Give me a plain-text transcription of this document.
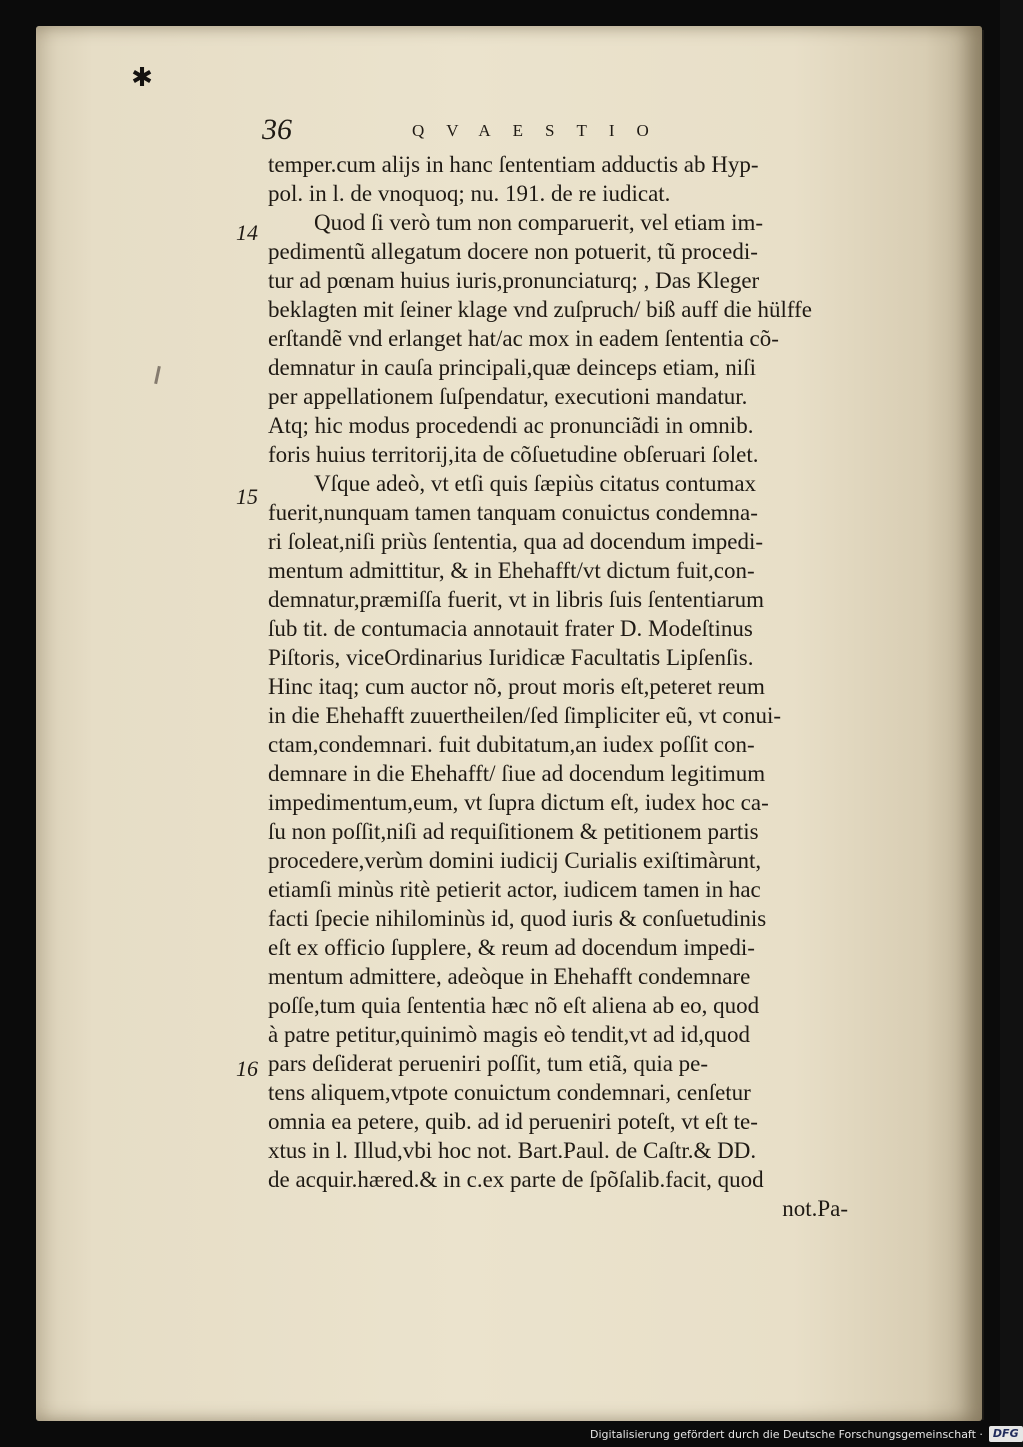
✱
36	QVAESTIO
14
15
16
temper.cum alijs in hanc ſententiam adductis ab Hyp-
pol. in l. de vnoquoq; nu. 191. de re iudicat.
Quod ſi verò tum non comparuerit, vel etiam im-
pedimentũ allegatum docere non potuerit, tũ procedi-
tur ad pœnam huius iuris,pronunciaturq; , Das Kleger
beklagten mit ſeiner klage vnd zuſpruch/ biß auff die hülffe
erſtandẽ vnd erlanget hat/ac mox in eadem ſententia cõ-
demnatur in cauſa principali,quæ deinceps etiam, niſi
per appellationem ſuſpendatur, executioni mandatur.
Atq; hic modus procedendi ac pronunciãdi in omnib.
foris huius territorij,ita de cõſuetudine obſeruari ſolet.
Vſque adeò, vt etſi quis ſæpiùs citatus contumax
fuerit,nunquam tamen tanquam conuictus condemna-
ri ſoleat,niſi priùs ſententia, qua ad docendum impedi-
mentum admittitur, & in Ehehafft/vt dictum fuit,con-
demnatur,præmiſſa fuerit, vt in libris ſuis ſententiarum
ſub tit. de contumacia annotauit frater D. Modeſtinus
Piſtoris, viceOrdinarius Iuridicæ Facultatis Lipſenſis.
Hinc itaq; cum auctor nõ, prout moris eſt,peteret reum
in die Ehehafft zuuertheilen/ſed ſimpliciter eũ, vt conui-
ctam,condemnari. fuit dubitatum,an iudex poſſit con-
demnare in die Ehehafft/ ſiue ad docendum legitimum
impedimentum,eum, vt ſupra dictum eſt, iudex hoc ca-
ſu non poſſit,niſi ad requiſitionem & petitionem partis
procedere,verùm domini iudicij Curialis exiſtimàrunt,
etiamſi minùs ritè petierit actor, iudicem tamen in hac
facti ſpecie nihilominùs id, quod iuris & conſuetudinis
eſt ex officio ſupplere, & reum ad docendum impedi-
mentum admittere, adeòque in Ehehafft condemnare
poſſe,tum quia ſententia hæc nõ eſt aliena ab eo, quod
à patre petitur,quinimò magis eò tendit,vt ad id,quod
pars deſiderat perueniri poſſit, tum etiã, quia pe-
tens aliquem,vtpote conuictum condemnari, cenſetur
omnia ea petere, quib. ad id perueniri poteſt, vt eſt te-
xtus in l. Illud,vbi hoc not. Bart.Paul. de Caſtr.& DD.
de acquir.hæred.& in c.ex parte de ſpõſalib.facit, quod
not.Pa-
Digitalisierung gefördert durch die Deutsche Forschungsgemeinschaft · DFG
